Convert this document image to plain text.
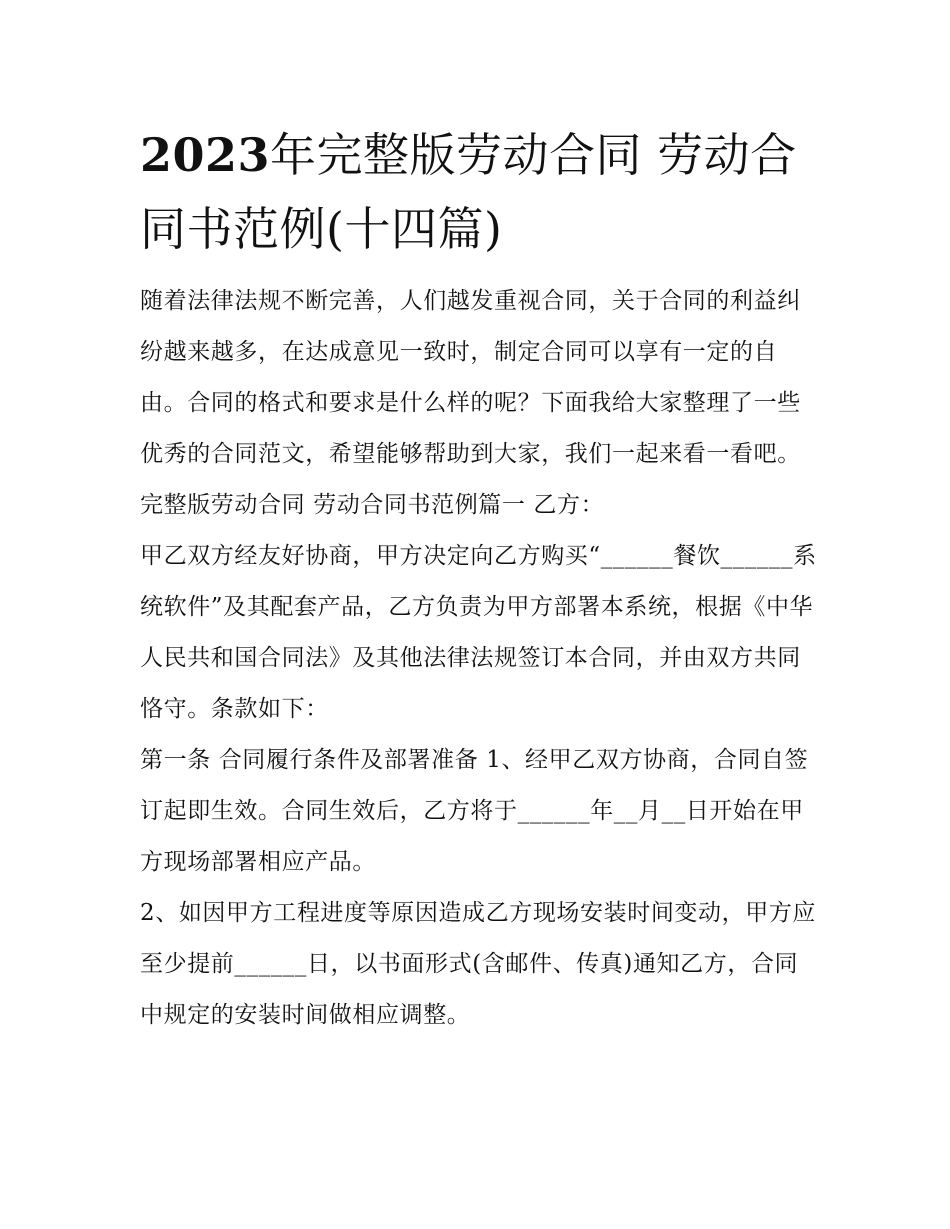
2023年完整版劳动合同 劳动合同书范例(十四篇)

随着法律法规不断完善，人们越发重视合同，关于合同的利益纠纷越来越多，在达成意见一致时，制定合同可以享有一定的自由。合同的格式和要求是什么样的呢？下面我给大家整理了一些优秀的合同范文，希望能够帮助到大家，我们一起来看一看吧。

完整版劳动合同 劳动合同书范例篇一 乙方：

甲乙双方经友好协商，甲方决定向乙方购买“______餐饮______系统软件”及其配套产品，乙方负责为甲方部署本系统，根据《中华人民共和国合同法》及其他法律法规签订本合同，并由双方共同恪守。条款如下：

第一条 合同履行条件及部署准备 1、经甲乙双方协商，合同自签订起即生效。合同生效后，乙方将于______年__月__日开始在甲方现场部署相应产品。

2、如因甲方工程进度等原因造成乙方现场安装时间变动，甲方应至少提前______日，以书面形式(含邮件、传真)通知乙方，合同中规定的安装时间做相应调整。
